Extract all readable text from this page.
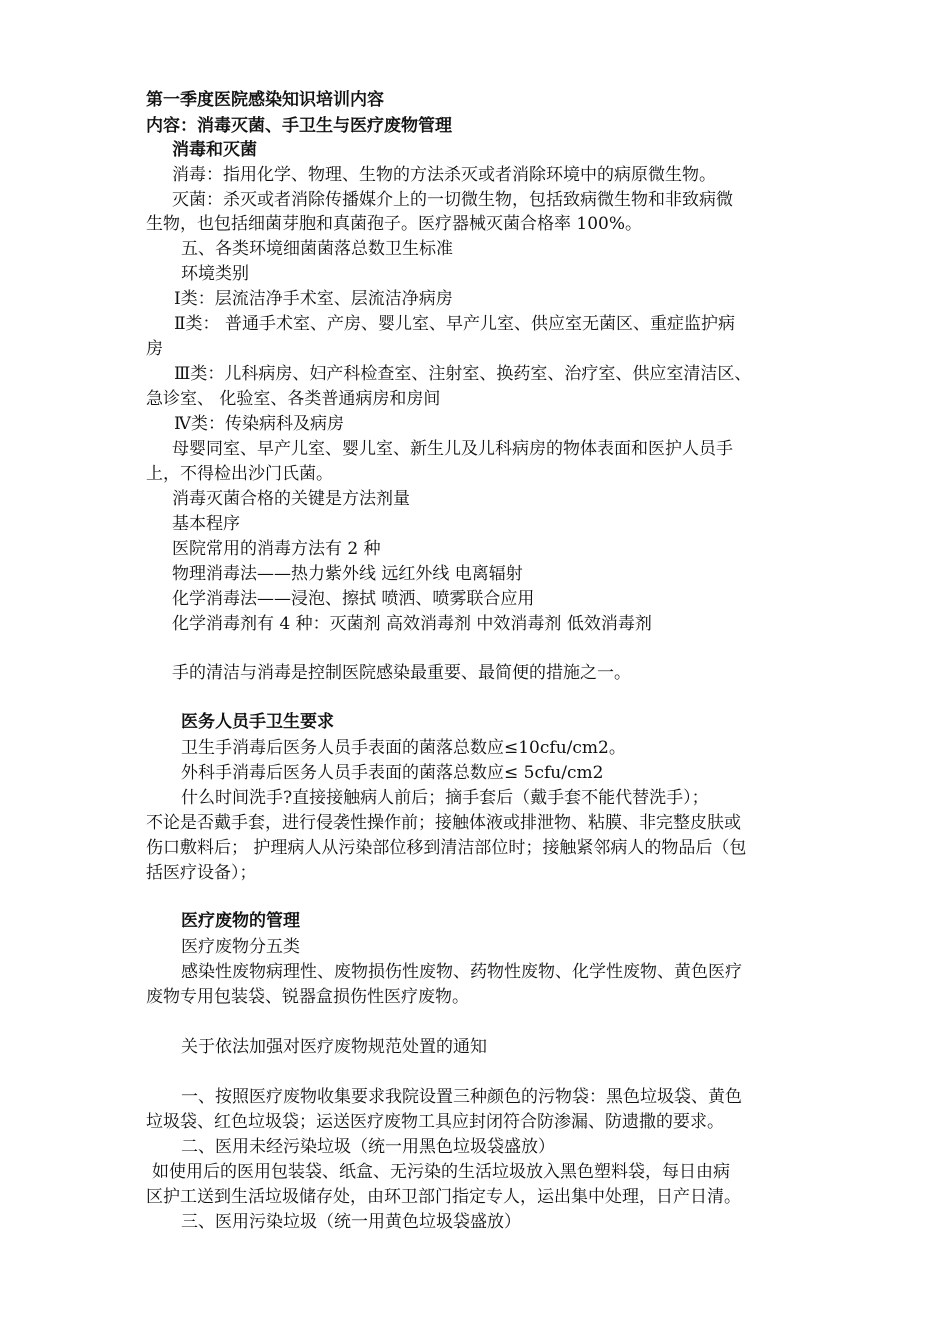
第一季度医院感染知识培训内容
内容：消毒灭菌、手卫生与医疗废物管理
消毒和灭菌
消毒：指用化学、物理、生物的方法杀灭或者消除环境中的病原微生物。
灭菌：杀灭或者消除传播媒介上的一切微生物，包括致病微生物和非致病微
生物，也包括细菌芽胞和真菌孢子。医疗器械灭菌合格率 100%。
五、各类环境细菌菌落总数卫生标准
环境类别
Ⅰ类：层流洁净手术室、层流洁净病房
Ⅱ类： 普通手术室、产房、婴儿室、早产儿室、供应室无菌区、重症监护病
房
Ⅲ类：儿科病房、妇产科检查室、注射室、换药室、治疗室、供应室清洁区、
急诊室、 化验室、各类普通病房和房间
Ⅳ类：传染病科及病房
母婴同室、早产儿室、婴儿室、新生儿及儿科病房的物体表面和医护人员手
上，不得检出沙门氏菌。
消毒灭菌合格的关键是方法剂量
基本程序
医院常用的消毒方法有 2 种
物理消毒法——热力紫外线 远红外线 电离辐射
化学消毒法——浸泡、擦拭 喷洒、喷雾联合应用
化学消毒剂有 4 种：灭菌剂 高效消毒剂 中效消毒剂 低效消毒剂
手的清洁与消毒是控制医院感染最重要、最简便的措施之一。
医务人员手卫生要求
卫生手消毒后医务人员手表面的菌落总数应≤10cfu/cm2。
外科手消毒后医务人员手表面的菌落总数应≤ 5cfu/cm2
什么时间洗手?直接接触病人前后；摘手套后（戴手套不能代替洗手）；
不论是否戴手套，进行侵袭性操作前；接触体液或排泄物、粘膜、非完整皮肤或
伤口敷料后； 护理病人从污染部位移到清洁部位时；接触紧邻病人的物品后（包
括医疗设备）；
医疗废物的管理
医疗废物分五类
感染性废物病理性、废物损伤性废物、药物性废物、化学性废物、黄色医疗
废物专用包装袋、锐器盒损伤性医疗废物。
关于依法加强对医疗废物规范处置的通知
一、按照医疗废物收集要求我院设置三种颜色的污物袋：黑色垃圾袋、黄色
垃圾袋、红色垃圾袋；运送医疗废物工具应封闭符合防渗漏、防遗撒的要求。
二、医用未经污染垃圾（统一用黑色垃圾袋盛放）
如使用后的医用包装袋、纸盒、无污染的生活垃圾放入黑色塑料袋，每日由病
区护工送到生活垃圾储存处，由环卫部门指定专人，运出集中处理，日产日清。
三、医用污染垃圾（统一用黄色垃圾袋盛放）
